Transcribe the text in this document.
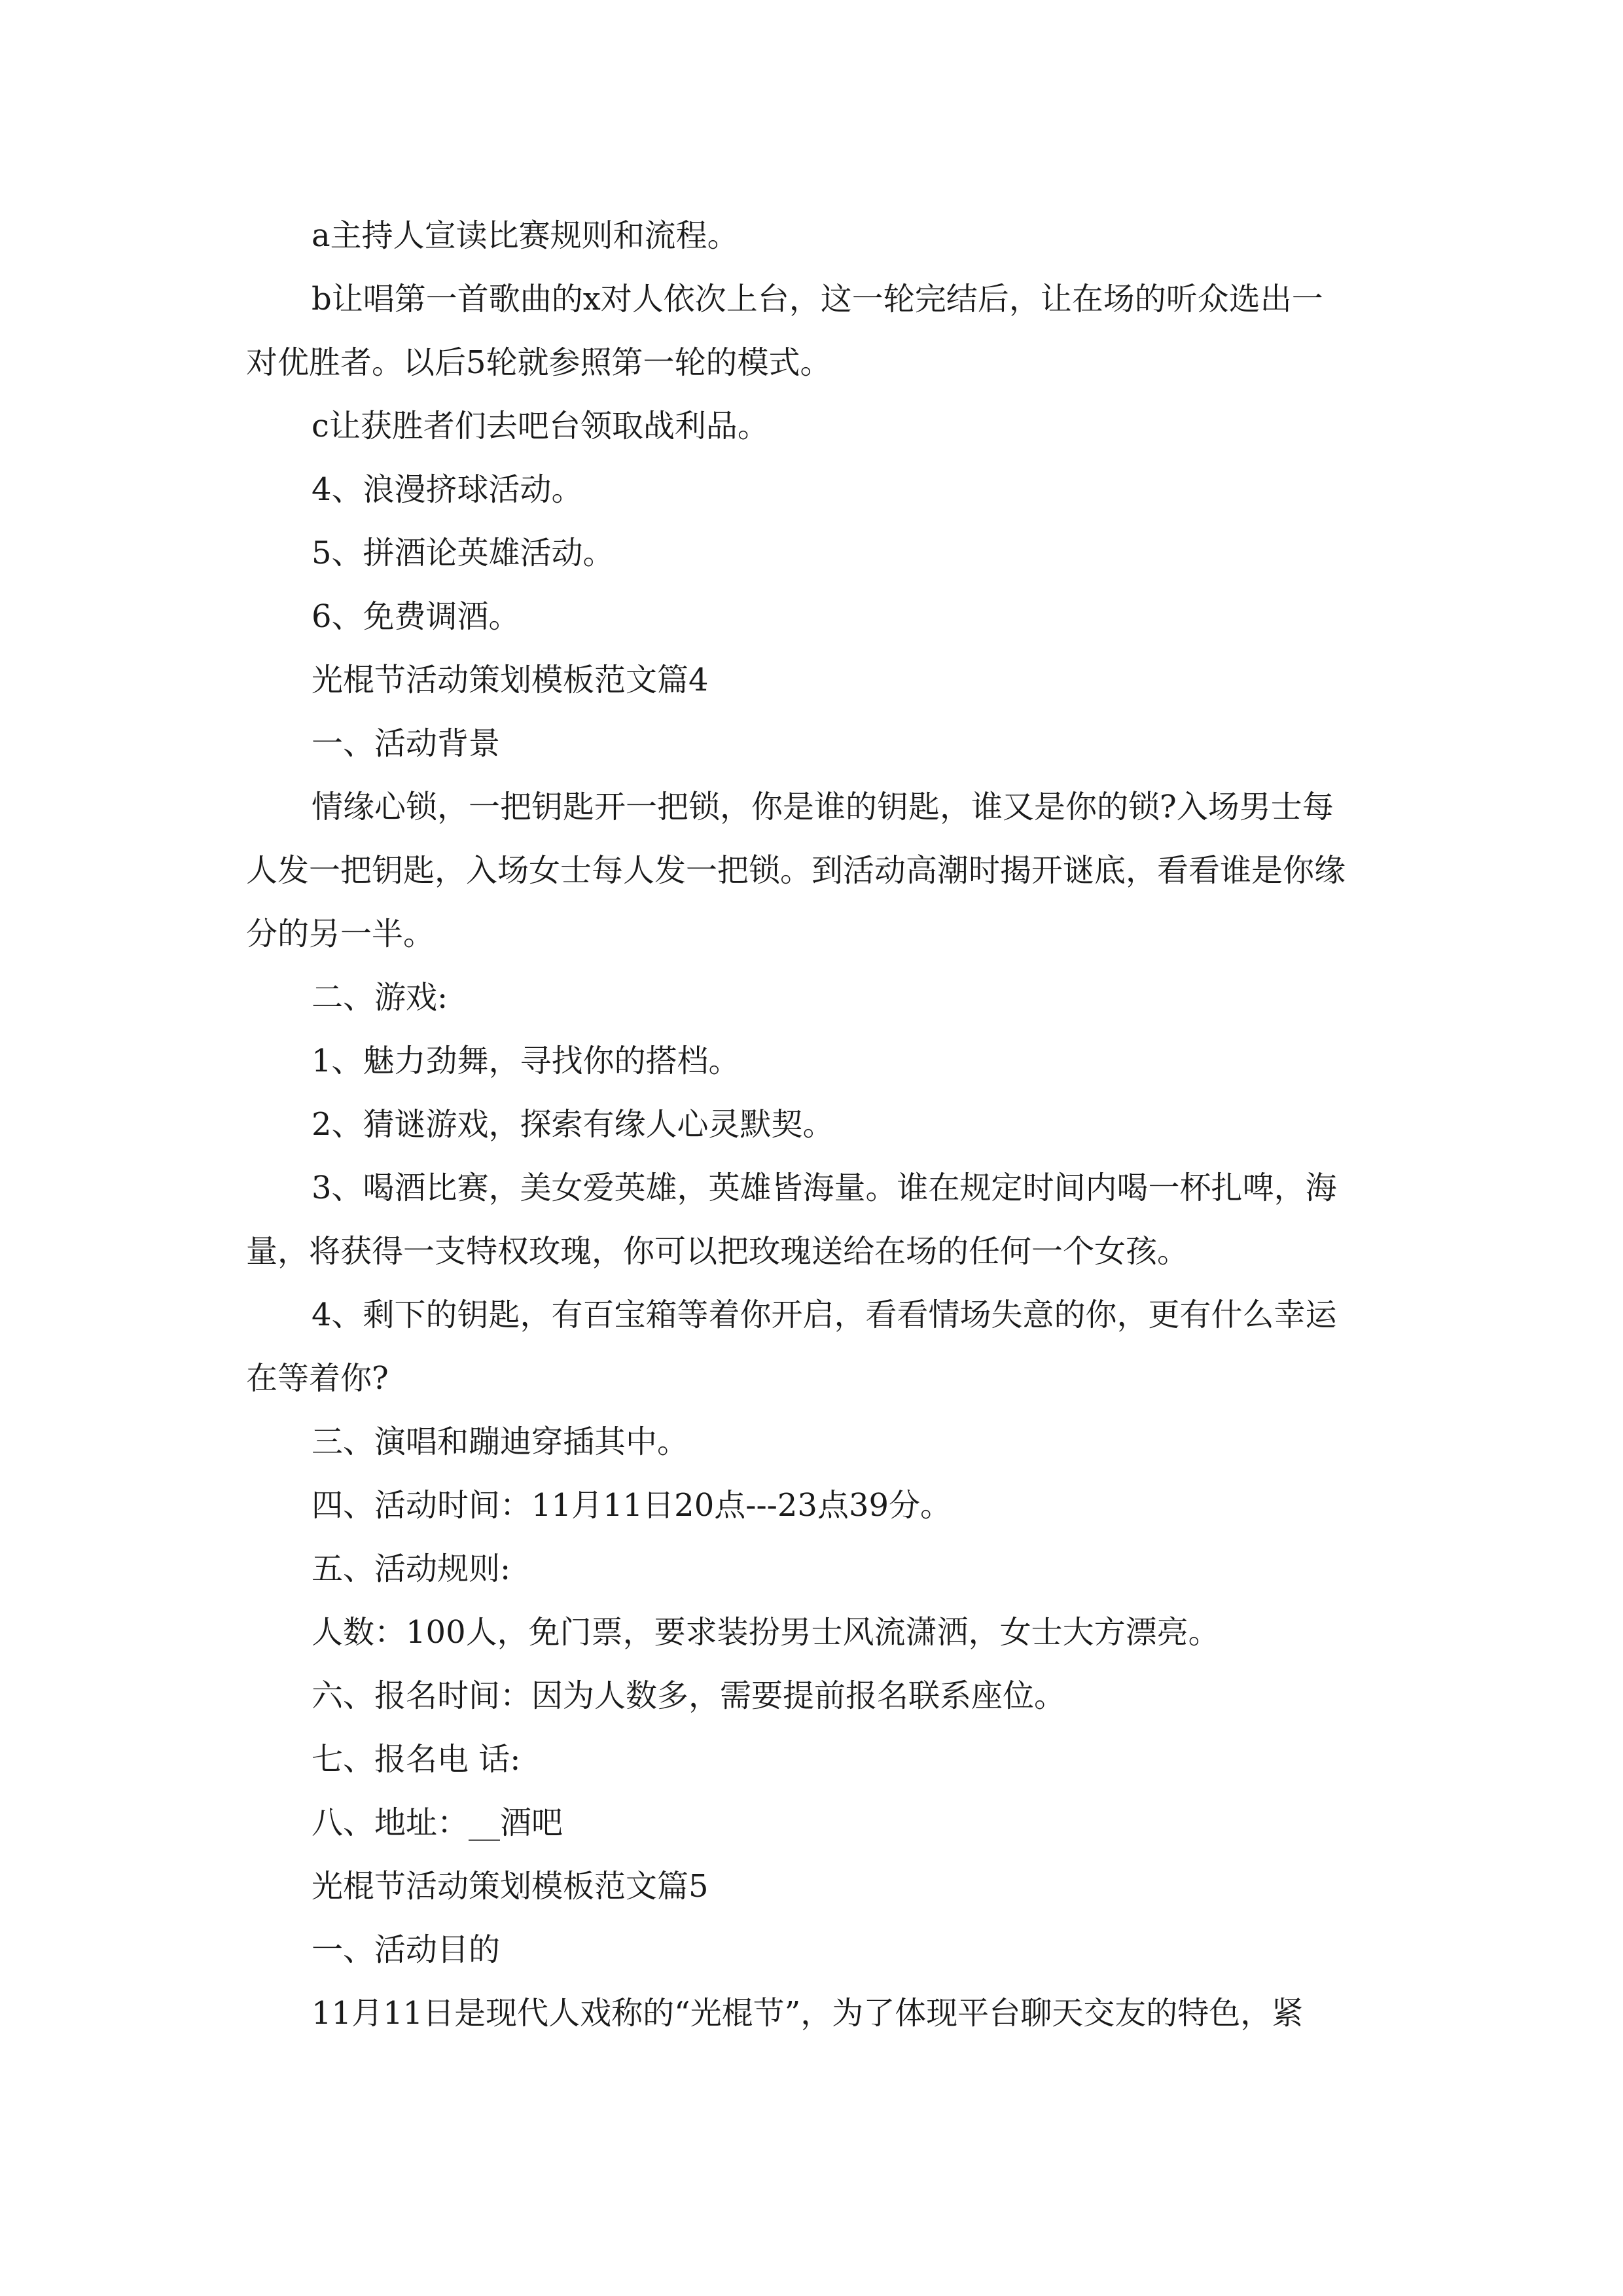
a主持人宣读比赛规则和流程。

b让唱第一首歌曲的x对人依次上台，这一轮完结后，让在场的听众选出一

对优胜者。以后5轮就参照第一轮的模式。

c让获胜者们去吧台领取战利品。

4、浪漫挤球活动。

5、拼酒论英雄活动。

6、免费调酒。

光棍节活动策划模板范文篇4

一、活动背景

情缘心锁，一把钥匙开一把锁，你是谁的钥匙，谁又是你的锁?入场男士每

人发一把钥匙，入场女士每人发一把锁。到活动高潮时揭开谜底，看看谁是你缘

分的另一半。

二、游戏:

1、魅力劲舞，寻找你的搭档。

2、猜谜游戏，探索有缘人心灵默契。

3、喝酒比赛，美女爱英雄，英雄皆海量。谁在规定时间内喝一杯扎啤，海

量，将获得一支特权玫瑰，你可以把玫瑰送给在场的任何一个女孩。

4、剩下的钥匙，有百宝箱等着你开启，看看情场失意的你，更有什么幸运

在等着你?

三、演唱和蹦迪穿插其中。

四、活动时间：11月11日20点---23点39分。

五、活动规则:

人数：100人，免门票，要求装扮男士风流潇洒，女士大方漂亮。

六、报名时间：因为人数多，需要提前报名联系座位。

七、报名电 话:

八、地址：__酒吧

光棍节活动策划模板范文篇5

一、活动目的

11月11日是现代人戏称的“光棍节”，为了体现平台聊天交友的特色，紧
